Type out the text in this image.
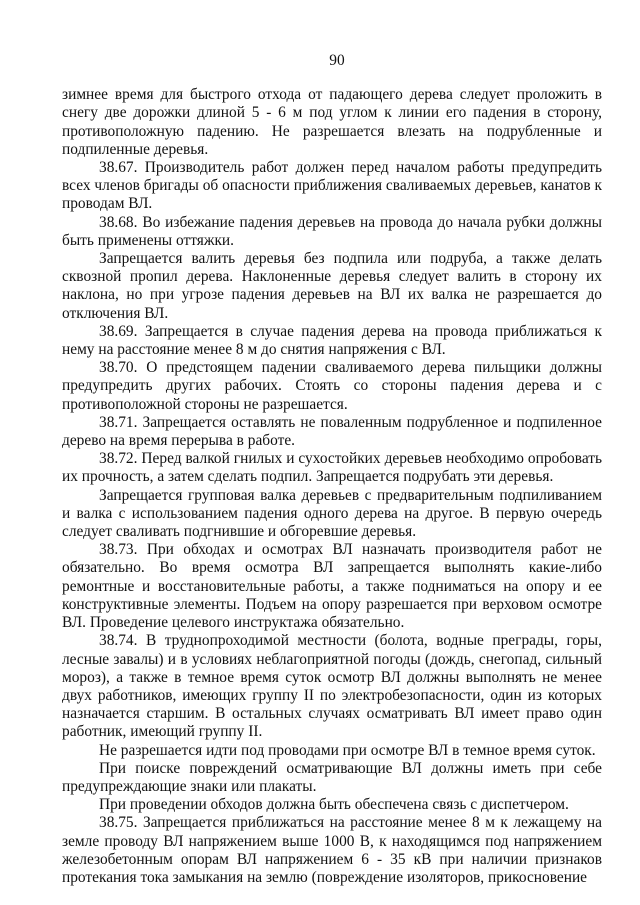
90

зимнее время для быстрого отхода от падающего дерева следует проложить в снегу две дорожки длиной 5 - 6 м под углом к линии его падения в сторону, противоположную падению. Не разрешается влезать на подрубленные и подпиленные деревья.

38.67. Производитель работ должен перед началом работы предупредить всех членов бригады об опасности приближения сваливаемых деревьев, канатов к проводам ВЛ.

38.68. Во избежание падения деревьев на провода до начала рубки должны быть применены оттяжки.

Запрещается валить деревья без подпила или подруба, а также делать сквозной пропил дерева. Наклоненные деревья следует валить в сторону их наклона, но при угрозе падения деревьев на ВЛ их валка не разрешается до отключения ВЛ.

38.69. Запрещается в случае падения дерева на провода приближаться к нему на расстояние менее 8 м до снятия напряжения с ВЛ.

38.70. О предстоящем падении сваливаемого дерева пильщики должны предупредить других рабочих. Стоять со стороны падения дерева и с противоположной стороны не разрешается.

38.71. Запрещается оставлять не поваленным подрубленное и подпиленное дерево на время перерыва в работе.

38.72. Перед валкой гнилых и сухостойких деревьев необходимо опробовать их прочность, а затем сделать подпил. Запрещается подрубать эти деревья.

Запрещается групповая валка деревьев с предварительным подпиливанием и валка с использованием падения одного дерева на другое. В первую очередь следует сваливать подгнившие и обгоревшие деревья.

38.73. При обходах и осмотрах ВЛ назначать производителя работ не обязательно. Во время осмотра ВЛ запрещается выполнять какие-либо ремонтные и восстановительные работы, а также подниматься на опору и ее конструктивные элементы. Подъем на опору разрешается при верховом осмотре ВЛ. Проведение целевого инструктажа обязательно.

38.74. В труднопроходимой местности (болота, водные преграды, горы, лесные завалы) и в условиях неблагоприятной погоды (дождь, снегопад, сильный мороз), а также в темное время суток осмотр ВЛ должны выполнять не менее двух работников, имеющих группу II по электробезопасности, один из которых назначается старшим. В остальных случаях осматривать ВЛ имеет право один работник, имеющий группу II.

Не разрешается идти под проводами при осмотре ВЛ в темное время суток.

При поиске повреждений осматривающие ВЛ должны иметь при себе предупреждающие знаки или плакаты.

При проведении обходов должна быть обеспечена связь с диспетчером.

38.75. Запрещается приближаться на расстояние менее 8 м к лежащему на земле проводу ВЛ напряжением выше 1000 В, к находящимся под напряжением железобетонным опорам ВЛ напряжением 6 - 35 кВ при наличии признаков протекания тока замыкания на землю (повреждение изоляторов, прикосновение
